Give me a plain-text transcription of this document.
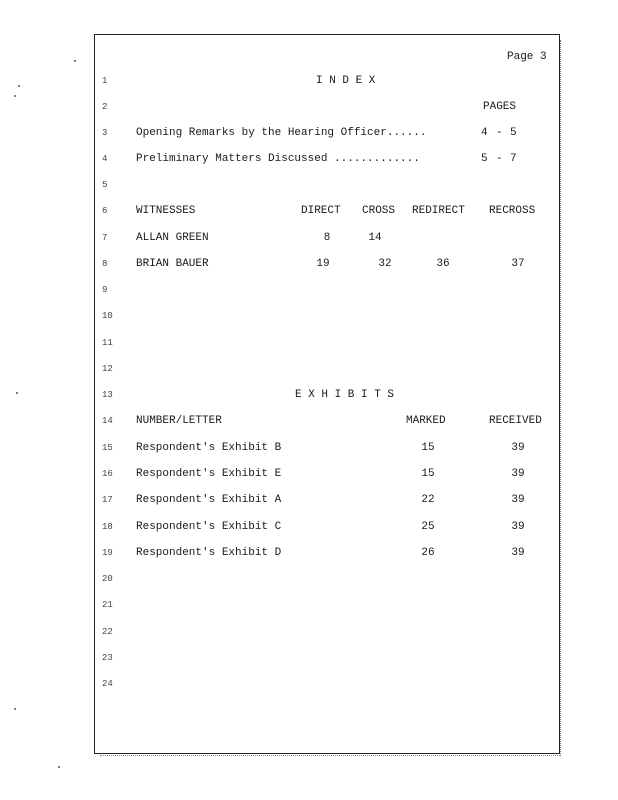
Page 3
1
2
3
4
5
6
7
8
9
10
11
12
13
14
15
16
17
18
19
20
21
22
23
24
I N D E X
PAGES
Opening Remarks by the Hearing Officer......	4 - 5
Preliminary Matters Discussed .............	5 - 7
WITNESSES	DIRECT CROSS REDIRECT RECROSS
ALLAN GREEN	8	14
BRIAN BAUER	19	32	36	37
E X H I B I T S
NUMBER/LETTER	MARKED	RECEIVED
Respondent's Exhibit B	15	39
Respondent's Exhibit E	15	39
Respondent's Exhibit A	22	39
Respondent's Exhibit C	25	39
Respondent's Exhibit D	26	39
